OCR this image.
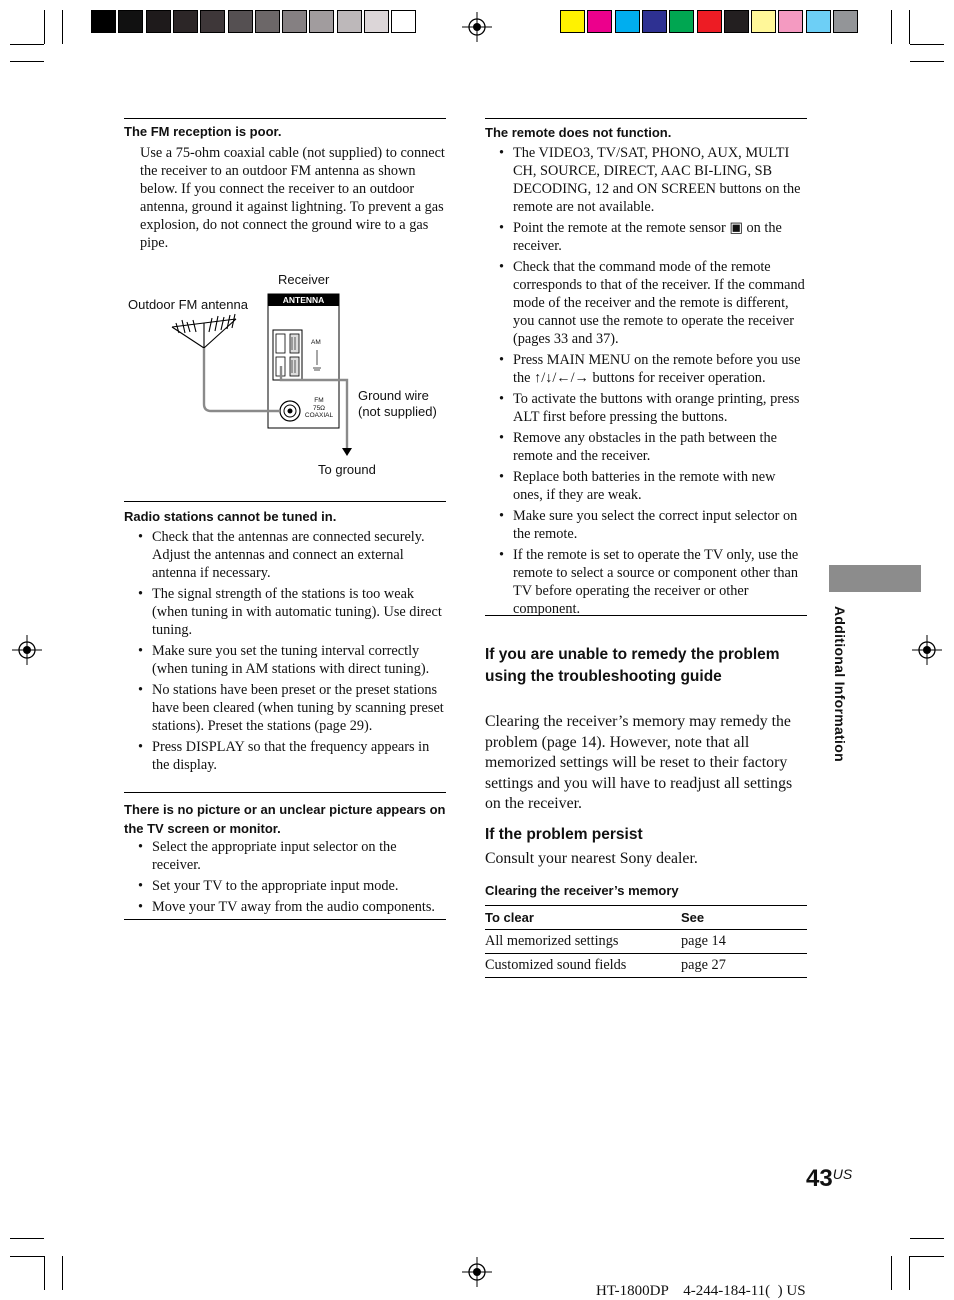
The FM reception is poor.
Use a 75-ohm coaxial cable (not supplied) to connect the receiver to an outdoor FM antenna as shown below. If you connect the receiver to an outdoor antenna, ground it against lightning. To prevent a gas explosion, do not connect the ground wire to a gas pipe.
Receiver
ANTENNA
Outdoor FM antenna
AM
FM
75Ω
COAXIAL
Ground wire
(not supplied)
To ground
Radio stations cannot be tuned in.
• Check that the antennas are connected securely. Adjust the antennas and connect an external antenna if necessary.
• The signal strength of the stations is too weak (when tuning in with automatic tuning). Use direct tuning.
• Make sure you set the tuning interval correctly (when tuning in AM stations with direct tuning).
• No stations have been preset or the preset stations have been cleared (when tuning by scanning preset stations). Preset the stations (page 29).
• Press DISPLAY so that the frequency appears in the display.
There is no picture or an unclear picture appears on the TV screen or monitor.
• Select the appropriate input selector on the receiver.
• Set your TV to the appropriate input mode.
• Move your TV away from the audio components.
The remote does not function.
• The VIDEO3, TV/SAT, PHONO, AUX, MULTI CH, SOURCE, DIRECT, AAC BI-LING, SB DECODING, 12 and ON SCREEN buttons on the remote are not available.
• Point the remote at the remote sensor ▣ on the receiver.
• Check that the command mode of the remote corresponds to that of the receiver. If the command mode of the receiver and the remote is different, you cannot use the remote to operate the receiver (pages 33 and 37).
• Press MAIN MENU on the remote before you use the ↑/↓/←/→ buttons for receiver operation.
• To activate the buttons with orange printing, press ALT first before pressing the buttons.
• Remove any obstacles in the path between the remote and the receiver.
• Replace both batteries in the remote with new ones, if they are weak.
• Make sure you select the correct input selector on the remote.
• If the remote is set to operate the TV only, use the remote to select a source or component other than TV before operating the receiver or other component.
If you are unable to remedy the problem using the troubleshooting guide
Clearing the receiver’s memory may remedy the problem (page 14). However, note that all memorized settings will be reset to their factory settings and you will have to readjust all settings on the receiver.
If the problem persist
Consult your nearest Sony dealer.
Clearing the receiver’s memory
To clear	See
All memorized settings	page 14
Customized sound fields	page 27
Additional Information
$43^{US}$
HT-1800DP    4-244-184-11(  ) US
